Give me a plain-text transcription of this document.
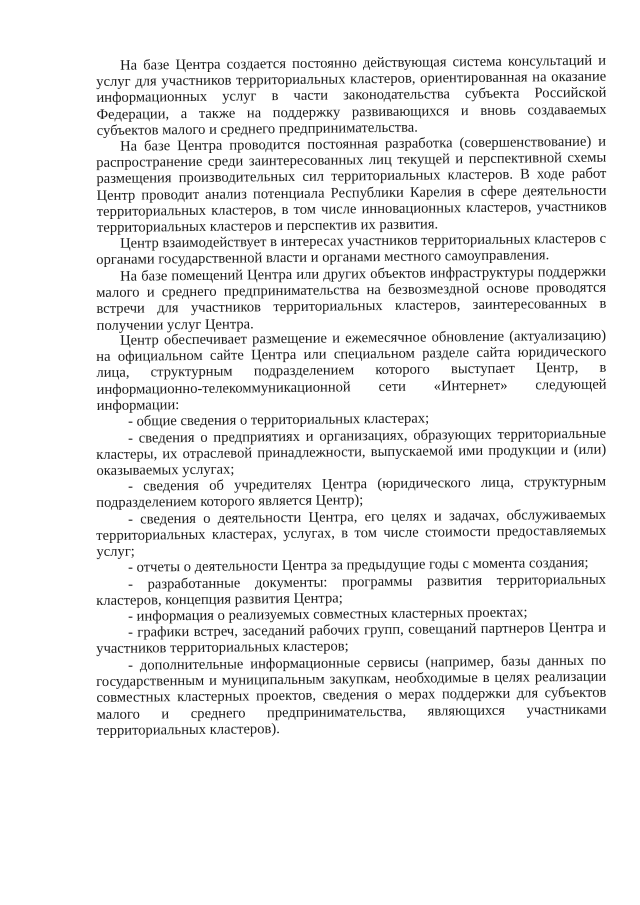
На базе Центра создается постоянно действующая система консультаций и услуг для участников территориальных кластеров, ориентированная на оказание информационных услуг в части законодательства субъекта Российской Федерации, а также на поддержку развивающихся и вновь создаваемых субъектов малого и среднего предпринимательства.

На базе Центра проводится постоянная разработка (совершенствование) и распространение среди заинтересованных лиц текущей и перспективной схемы размещения производительных сил территориальных кластеров. В ходе работ Центр проводит анализ потенциала Республики Карелия в сфере деятельности территориальных кластеров, в том числе инновационных кластеров, участников территориальных кластеров и перспектив их развития.

Центр взаимодействует в интересах участников территориальных кластеров с органами государственной власти и органами местного самоуправления.

На базе помещений Центра или других объектов инфраструктуры поддержки малого и среднего предпринимательства на безвозмездной основе проводятся встречи для участников территориальных кластеров, заинтересованных в получении услуг Центра.

Центр обеспечивает размещение и ежемесячное обновление (актуализацию) на официальном сайте Центра или специальном разделе сайта юридического лица, структурным подразделением которого выступает Центр, в информационно-телекоммуникационной сети «Интернет» следующей информации:

- общие сведения о территориальных кластерах;

- сведения о предприятиях и организациях, образующих территориальные кластеры, их отраслевой принадлежности, выпускаемой ими продукции и (или) оказываемых услугах;

- сведения об учредителях Центра (юридического лица, структурным подразделением которого является Центр);

- сведения о деятельности Центра, его целях и задачах, обслуживаемых территориальных кластерах, услугах, в том числе стоимости предоставляемых услуг;

- отчеты о деятельности Центра за предыдущие годы с момента создания;

- разработанные документы: программы развития территориальных кластеров, концепция развития Центра;

- информация о реализуемых совместных кластерных проектах;

- графики встреч, заседаний рабочих групп, совещаний партнеров Центра и участников территориальных кластеров;

- дополнительные информационные сервисы (например, базы данных по государственным и муниципальным закупкам, необходимые в целях реализации совместных кластерных проектов, сведения о мерах поддержки для субъектов малого и среднего предпринимательства, являющихся участниками территориальных кластеров).
